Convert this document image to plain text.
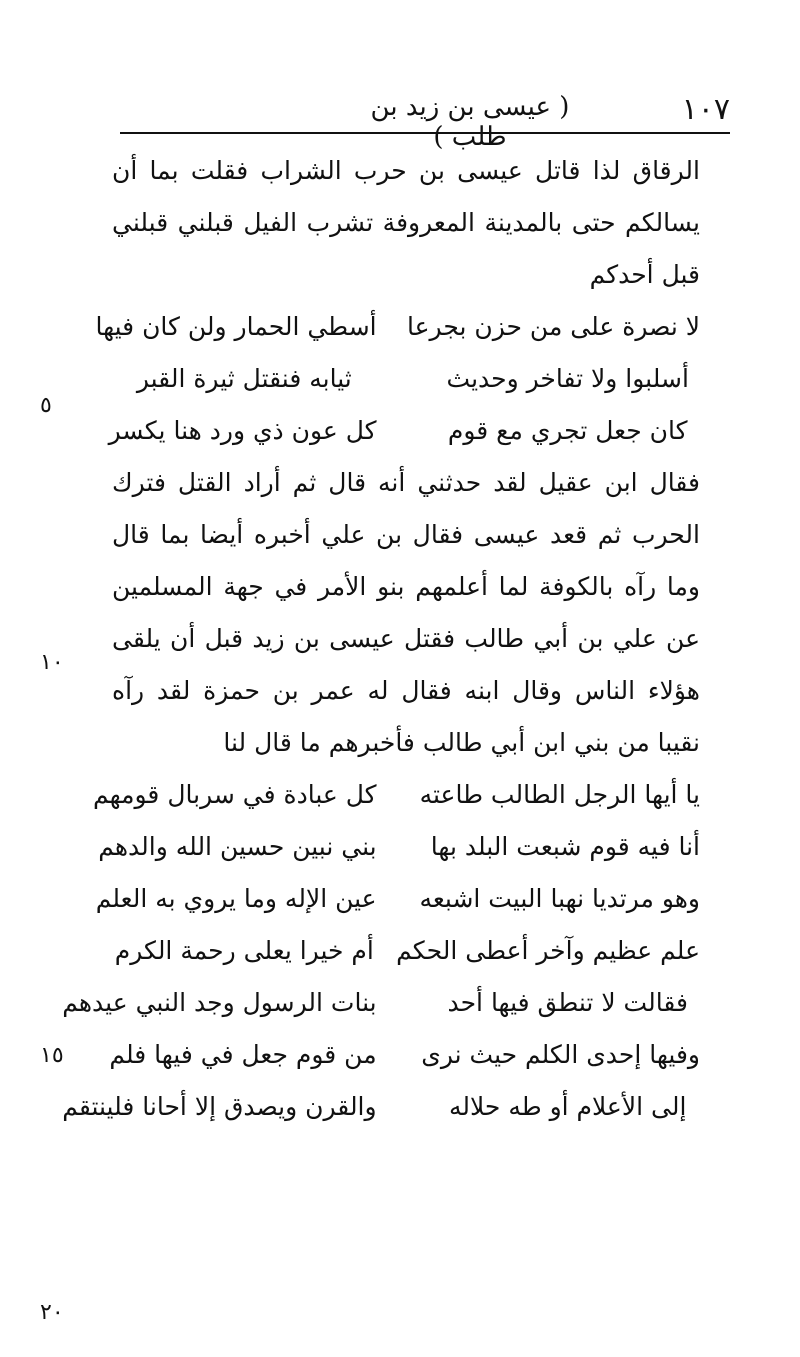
( عيسى بن زيد بن طلب )
١٠٧
٥
١٠
١٥
٢٠

الرقاق لذا قاتل عيسى بن حرب الشراب فقلت بما أن يسالكم حتى بالمدينة المعروفة تشرب الفيل قبلني قبلني قبل أحدكم

لا نصرة على من حزن بجرعا
أسطي الحمار ولن كان فيها
أسلبوا ولا تفاخر وحديث
ثيابه فنقتل ثيرة القبر
كان جعل تجري مع قوم
كل عون ذي ورد هنا يكسر

فقال ابن عقيل لقد حدثني أنه قال ثم أراد القتل فترك الحرب ثم قعد عيسى فقال بن علي أخبره أيضا بما قال وما رآه بالكوفة لما أعلمهم بنو الأمر في جهة المسلمين عن علي بن أبي طالب فقتل عيسى بن زيد قبل أن يلقى هؤلاء الناس وقال ابنه فقال له عمر بن حمزة لقد رآه نقيبا من بني ابن أبي طالب فأخبرهم ما قال لنا

يا أيها الرجل الطالب طاعته
كل عبادة في سربال قومهم
أنا فيه قوم شبعت البلد بها
بني نبين حسين الله والدهم
وهو مرتديا نهبا البيت اشبعه
عين الإله وما يروي به العلم
علم عظيم وآخر أعطى الحكم
أم خيرا يعلى رحمة الكرم
فقالت لا تنطق فيها أحد
بنات الرسول وجد النبي عيدهم
وفيها إحدى الكلم حيث نرى
من قوم جعل في فيها فلم
إلى الأعلام أو طه حلاله
والقرن ويصدق إلا أحانا فلينتقم
